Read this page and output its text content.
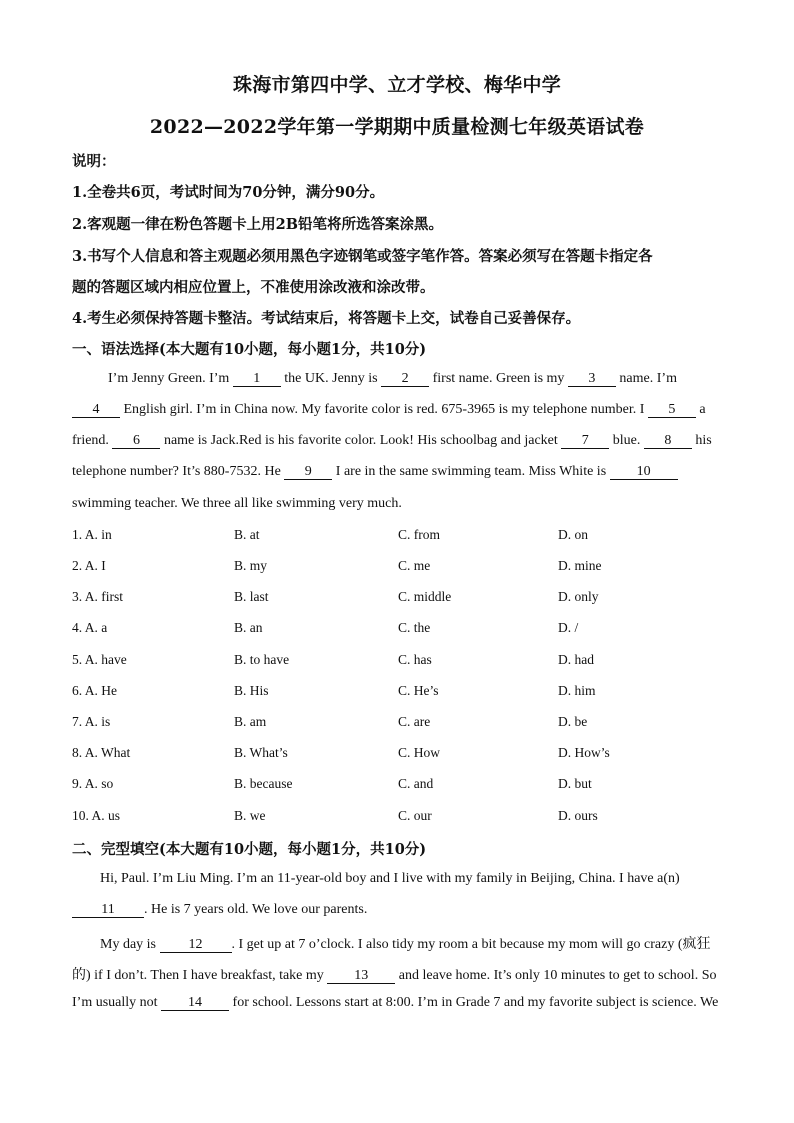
珠海市第四中学、立才学校、梅华中学
2022—2022学年第一学期期中质量检测七年级英语试卷
说明：
1.全卷共6页，考试时间为70分钟，满分90分。
2.客观题一律在粉色答题卡上用2B铅笔将所选答案涂黑。
3.书写个人信息和答主观题必须用黑色字迹钢笔或签字笔作答。答案必须写在答题卡指定各
题的答题区域内相应位置上，不准使用涂改液和涂改带。
4.考生必须保持答题卡整洁。考试结束后，将答题卡上交，试卷自己妥善保存。
一、语法选择(本大题有10小题，每小题1分，共10分)
I’m Jenny Green. I’m 1 the UK. Jenny is 2 first name. Green is my 3 name. I’m
4 English girl. I’m in China now. My favorite color is red. 675-3965 is my telephone number. I 5 a
friend. 6 name is Jack.Red is his favorite color. Look! His schoolbag and jacket 7 blue. 8 his
telephone number? It’s 880-7532. He 9 I are in the same swimming team. Miss White is 10
swimming teacher. We three all like swimming very much.
1. A. in	B. at	C. from	D. on
2. A. I	B. my	C. me	D. mine
3. A. first	B. last	C. middle	D. only
4. A. a	B. an	C. the	D. /
5. A. have	B. to have	C. has	D. had
6. A. He	B. His	C. He’s	D. him
7. A. is	B. am	C. are	D. be
8. A. What	B. What’s	C. How	D. How’s
9. A. so	B. because	C. and	D. but
10. A. us	B. we	C. our	D. ours
二、完型填空(本大题有10小题，每小题1分，共10分)
Hi, Paul. I’m Liu Ming. I’m an 11-year-old boy and I live with my family in Beijing, China. I have a(n)
11 . He is 7 years old. We love our parents.
My day is 12 . I get up at 7 o’clock. I also tidy my room a bit because my mom will go crazy (疯狂
的) if I don’t. Then I have breakfast, take my 13 and leave home. It’s only 10 minutes to get to school. So
I’m usually not 14 for school. Lessons start at 8:00. I’m in Grade 7 and my favorite subject is science. We
